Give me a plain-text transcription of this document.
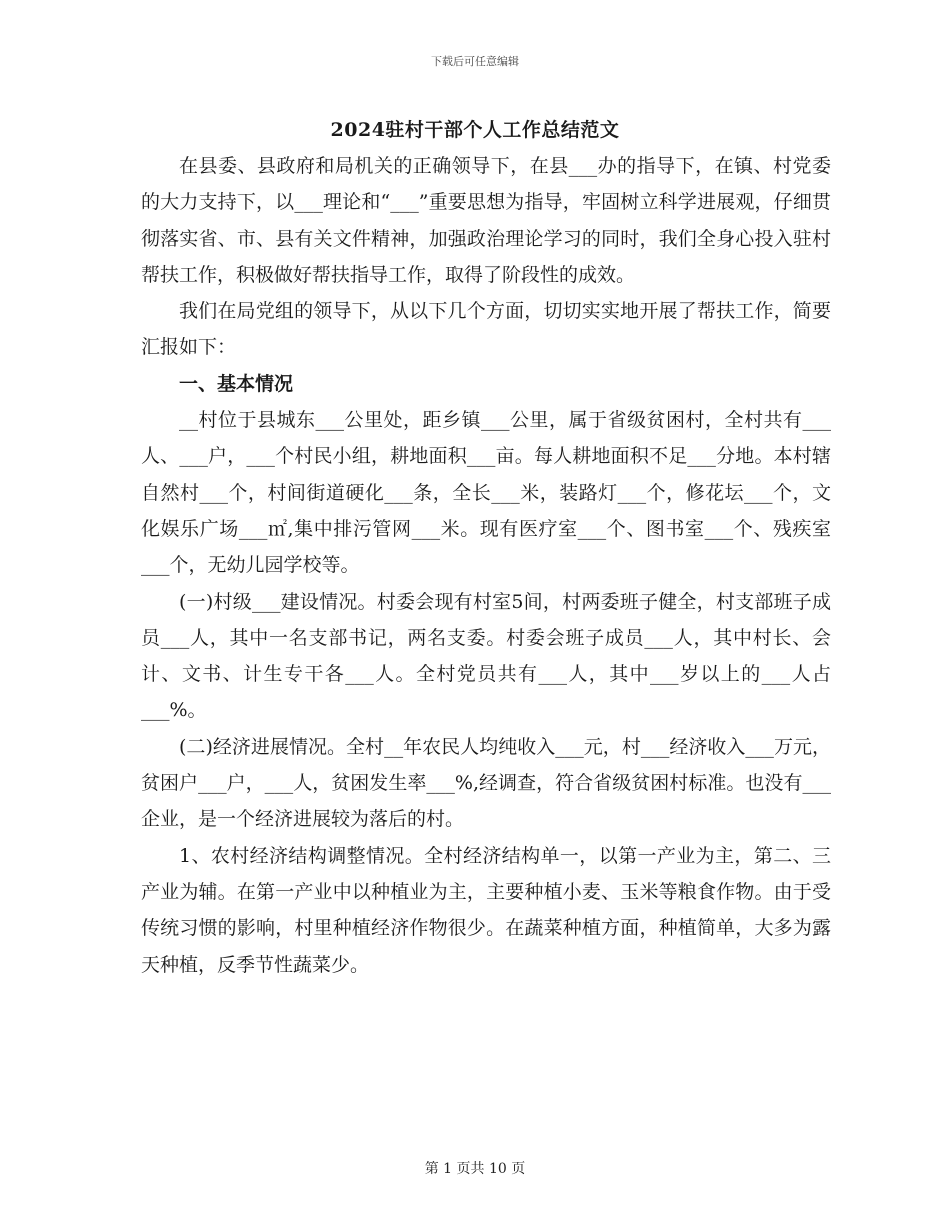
下载后可任意编辑
2024驻村干部个人工作总结范文

在县委、县政府和局机关的正确领导下，在县___办的指导下，在镇、村党委的大力支持下，以___理论和“___”重要思想为指导，牢固树立科学进展观，仔细贯彻落实省、市、县有关文件精神，加强政治理论学习的同时，我们全身心投入驻村帮扶工作，积极做好帮扶指导工作，取得了阶段性的成效。

我们在局党组的领导下，从以下几个方面，切切实实地开展了帮扶工作，简要汇报如下：

一、基本情况

__村位于县城东___公里处，距乡镇___公里，属于省级贫困村，全村共有___人、___户，___个村民小组，耕地面积___亩。每人耕地面积不足___分地。本村辖自然村___个，村间街道硬化___条，全长___米，装路灯___个，修花坛___个，文化娱乐广场___㎡,集中排污管网___米。现有医疗室___个、图书室___个、残疾室___个，无幼儿园学校等。

(一)村级___建设情况。村委会现有村室5间，村两委班子健全，村支部班子成员___人，其中一名支部书记，两名支委。村委会班子成员___人，其中村长、会计、文书、计生专干各___人。全村党员共有___人，其中___岁以上的___人占___%。

(二)经济进展情况。全村__年农民人均纯收入___元，村___经济收入___万元，贫困户___户，___人，贫困发生率___%,经调查，符合省级贫困村标准。也没有___企业，是一个经济进展较为落后的村。

1、农村经济结构调整情况。全村经济结构单一，以第一产业为主，第二、三产业为辅。在第一产业中以种植业为主，主要种植小麦、玉米等粮食作物。由于受传统习惯的影响，村里种植经济作物很少。在蔬菜种植方面，种植简单，大多为露天种植，反季节性蔬菜少。

第 1 页共 10 页
